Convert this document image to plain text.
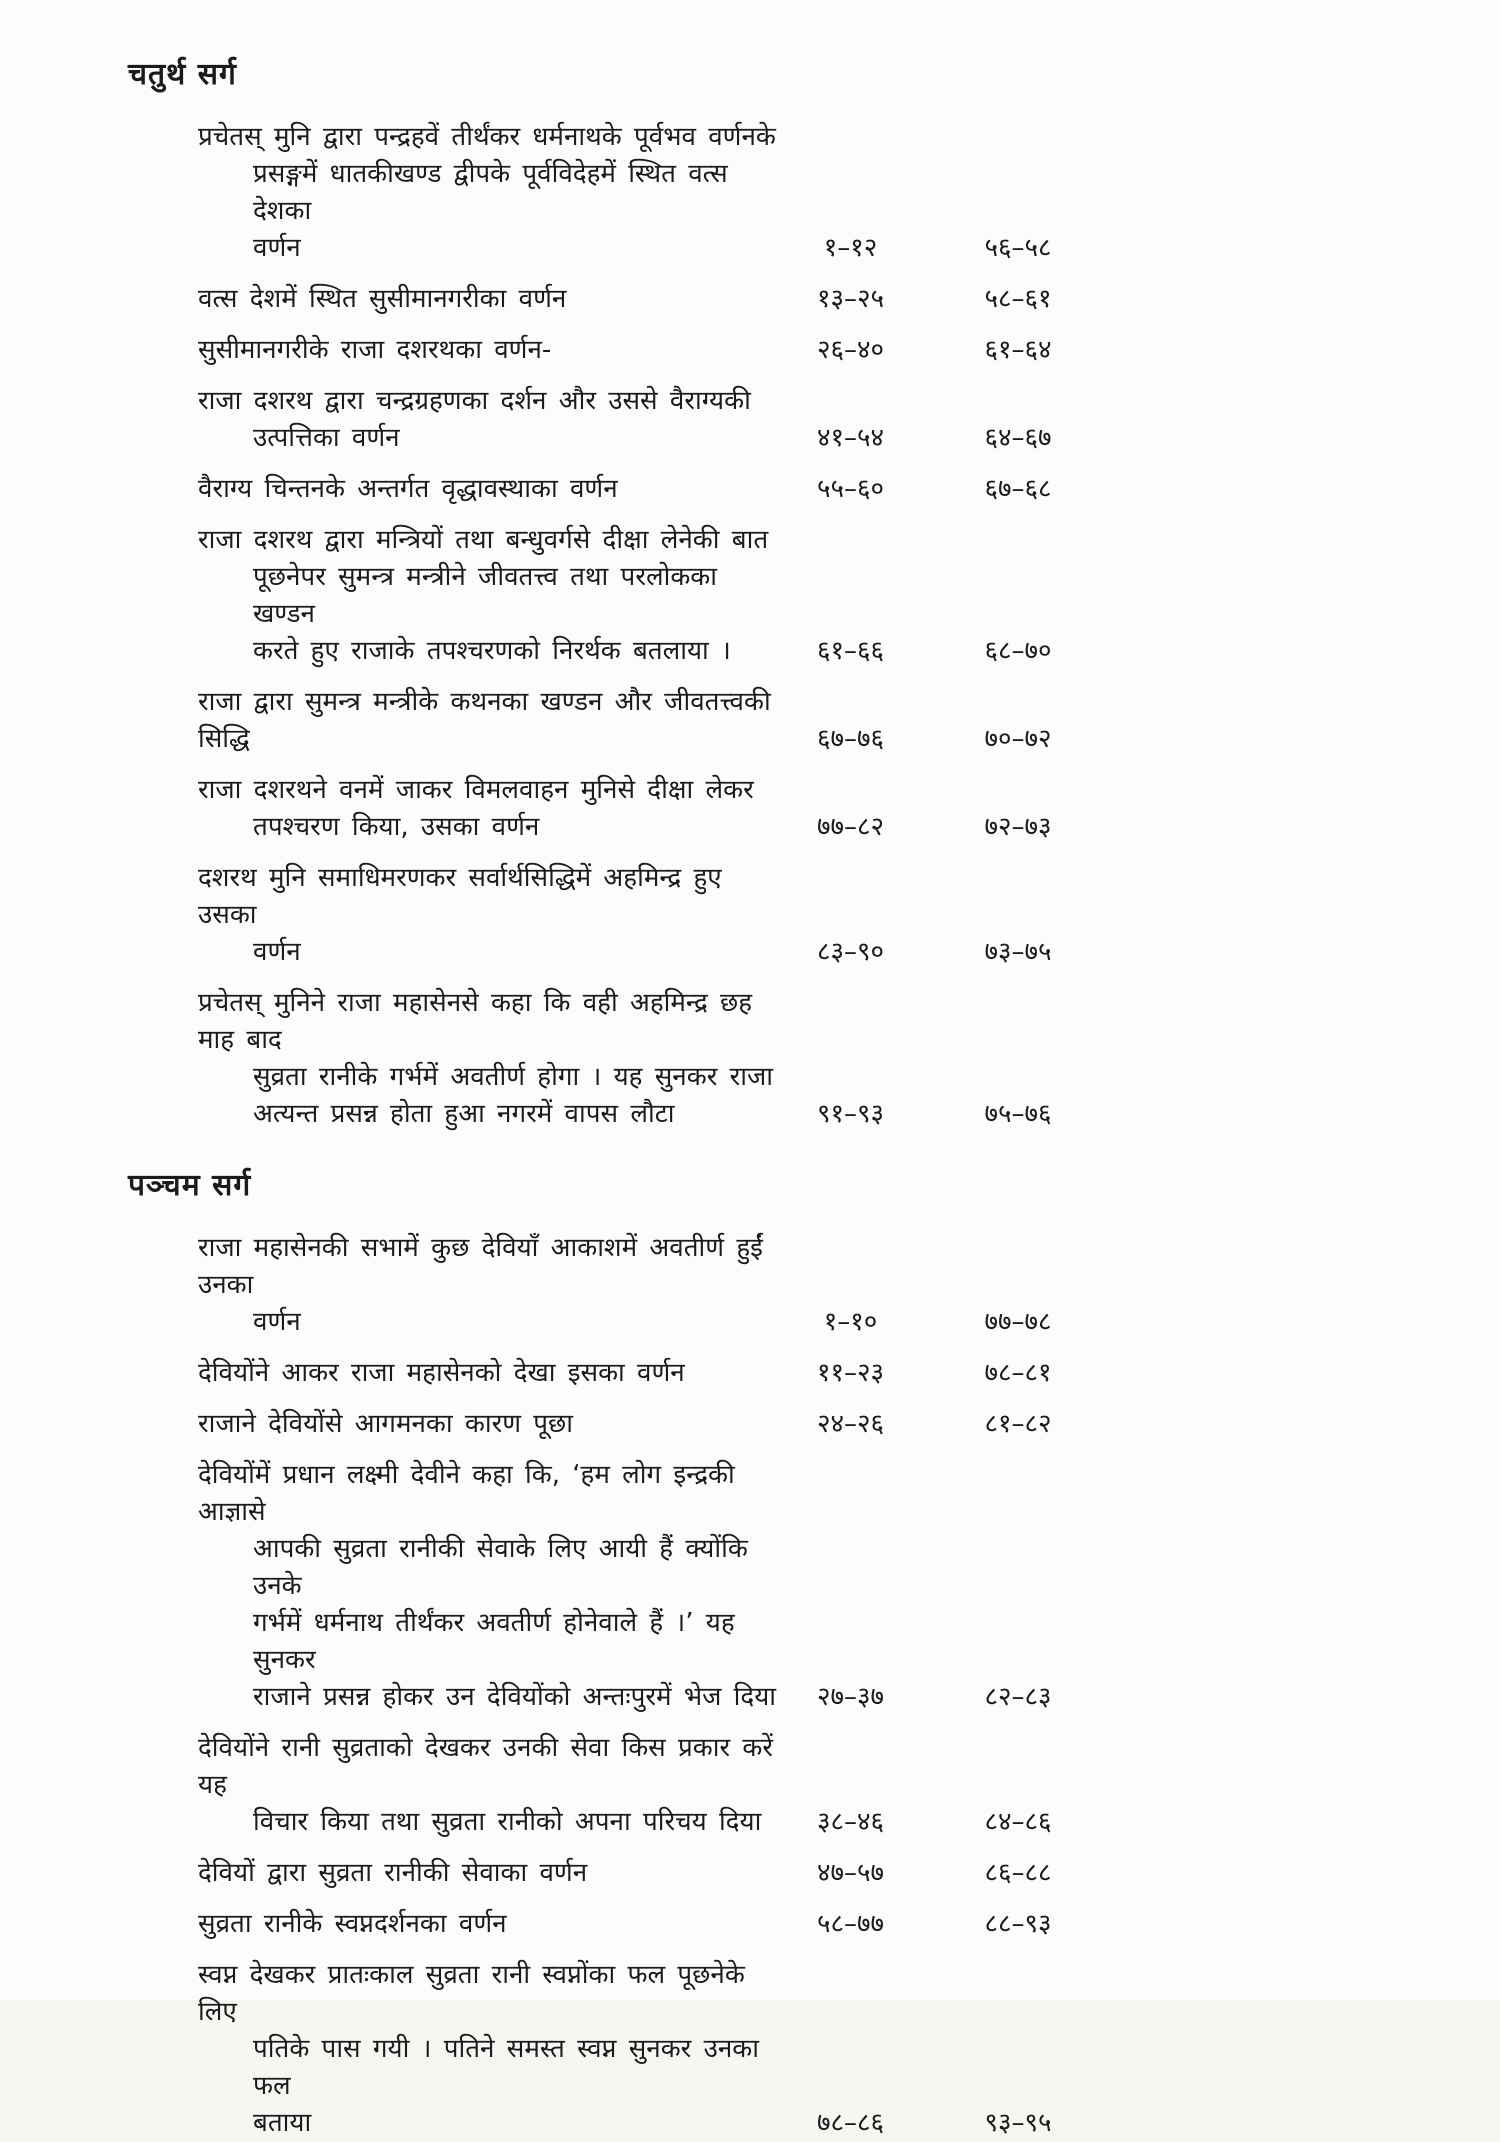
चतुर्थ सर्ग
प्रचेतस् मुनि द्वारा पन्द्रहवें तीर्थंकर धर्मनाथके पूर्वभव वर्णनके
प्रसङ्गमें धातकीखण्ड द्वीपके पूर्वविदेहमें स्थित वत्स देशका
वर्णन	१–१२	५६–५८
वत्स देशमें स्थित सुसीमानगरीका वर्णन	१३–२५	५८–६१
सुसीमानगरीके राजा दशरथका वर्णन-	२६–४०	६१–६४
राजा दशरथ द्वारा चन्द्रग्रहणका दर्शन और उससे वैराग्यकी
उत्पत्तिका वर्णन	४१–५४	६४–६७
वैराग्य चिन्तनके अन्तर्गत वृद्धावस्थाका वर्णन	५५–६०	६७–६८
राजा दशरथ द्वारा मन्त्रियों तथा बन्धुवर्गसे दीक्षा लेनेकी बात
पूछनेपर सुमन्त्र मन्त्रीने जीवतत्त्व तथा परलोकका खण्डन
करते हुए राजाके तपश्चरणको निरर्थक बतलाया ।	६१–६६	६८–७०
राजा द्वारा सुमन्त्र मन्त्रीके कथनका खण्डन और जीवतत्त्वकी सिद्धि	६७–७६	७०–७२
राजा दशरथने वनमें जाकर विमलवाहन मुनिसे दीक्षा लेकर
तपश्चरण किया, उसका वर्णन	७७–८२	७२–७३
दशरथ मुनि समाधिमरणकर सर्वार्थसिद्धिमें अहमिन्द्र हुए उसका
वर्णन	८३–९०	७३–७५
प्रचेतस् मुनिने राजा महासेनसे कहा कि वही अहमिन्द्र छह माह बाद
सुव्रता रानीके गर्भमें अवतीर्ण होगा । यह सुनकर राजा
अत्यन्त प्रसन्न होता हुआ नगरमें वापस लौटा	९१–९३	७५–७६
पञ्चम सर्ग
राजा महासेनकी सभामें कुछ देवियाँ आकाशमें अवतीर्ण हुईं उनका
वर्णन	१–१०	७७–७८
देवियोंने आकर राजा महासेनको देखा इसका वर्णन	११–२३	७८–८१
राजाने देवियोंसे आगमनका कारण पूछा	२४–२६	८१–८२
देवियोंमें प्रधान लक्ष्मी देवीने कहा कि, ‘हम लोग इन्द्रकी आज्ञासे
आपकी सुव्रता रानीकी सेवाके लिए आयी हैं क्योंकि उनके
गर्भमें धर्मनाथ तीर्थंकर अवतीर्ण होनेवाले हैं ।’ यह सुनकर
राजाने प्रसन्न होकर उन देवियोंको अन्तःपुरमें भेज दिया	२७–३७	८२–८३
देवियोंने रानी सुव्रताको देखकर उनकी सेवा किस प्रकार करें यह
विचार किया तथा सुव्रता रानीको अपना परिचय दिया	३८–४६	८४–८६
देवियों द्वारा सुव्रता रानीकी सेवाका वर्णन	४७–५७	८६–८८
सुव्रता रानीके स्वप्नदर्शनका वर्णन	५८–७७	८८–९३
स्वप्न देखकर प्रातःकाल सुव्रता रानी स्वप्नोंका फल पूछनेके लिए
पतिके पास गयी । पतिने समस्त स्वप्न सुनकर उनका फल
बताया	७८–८६	९३–९५
